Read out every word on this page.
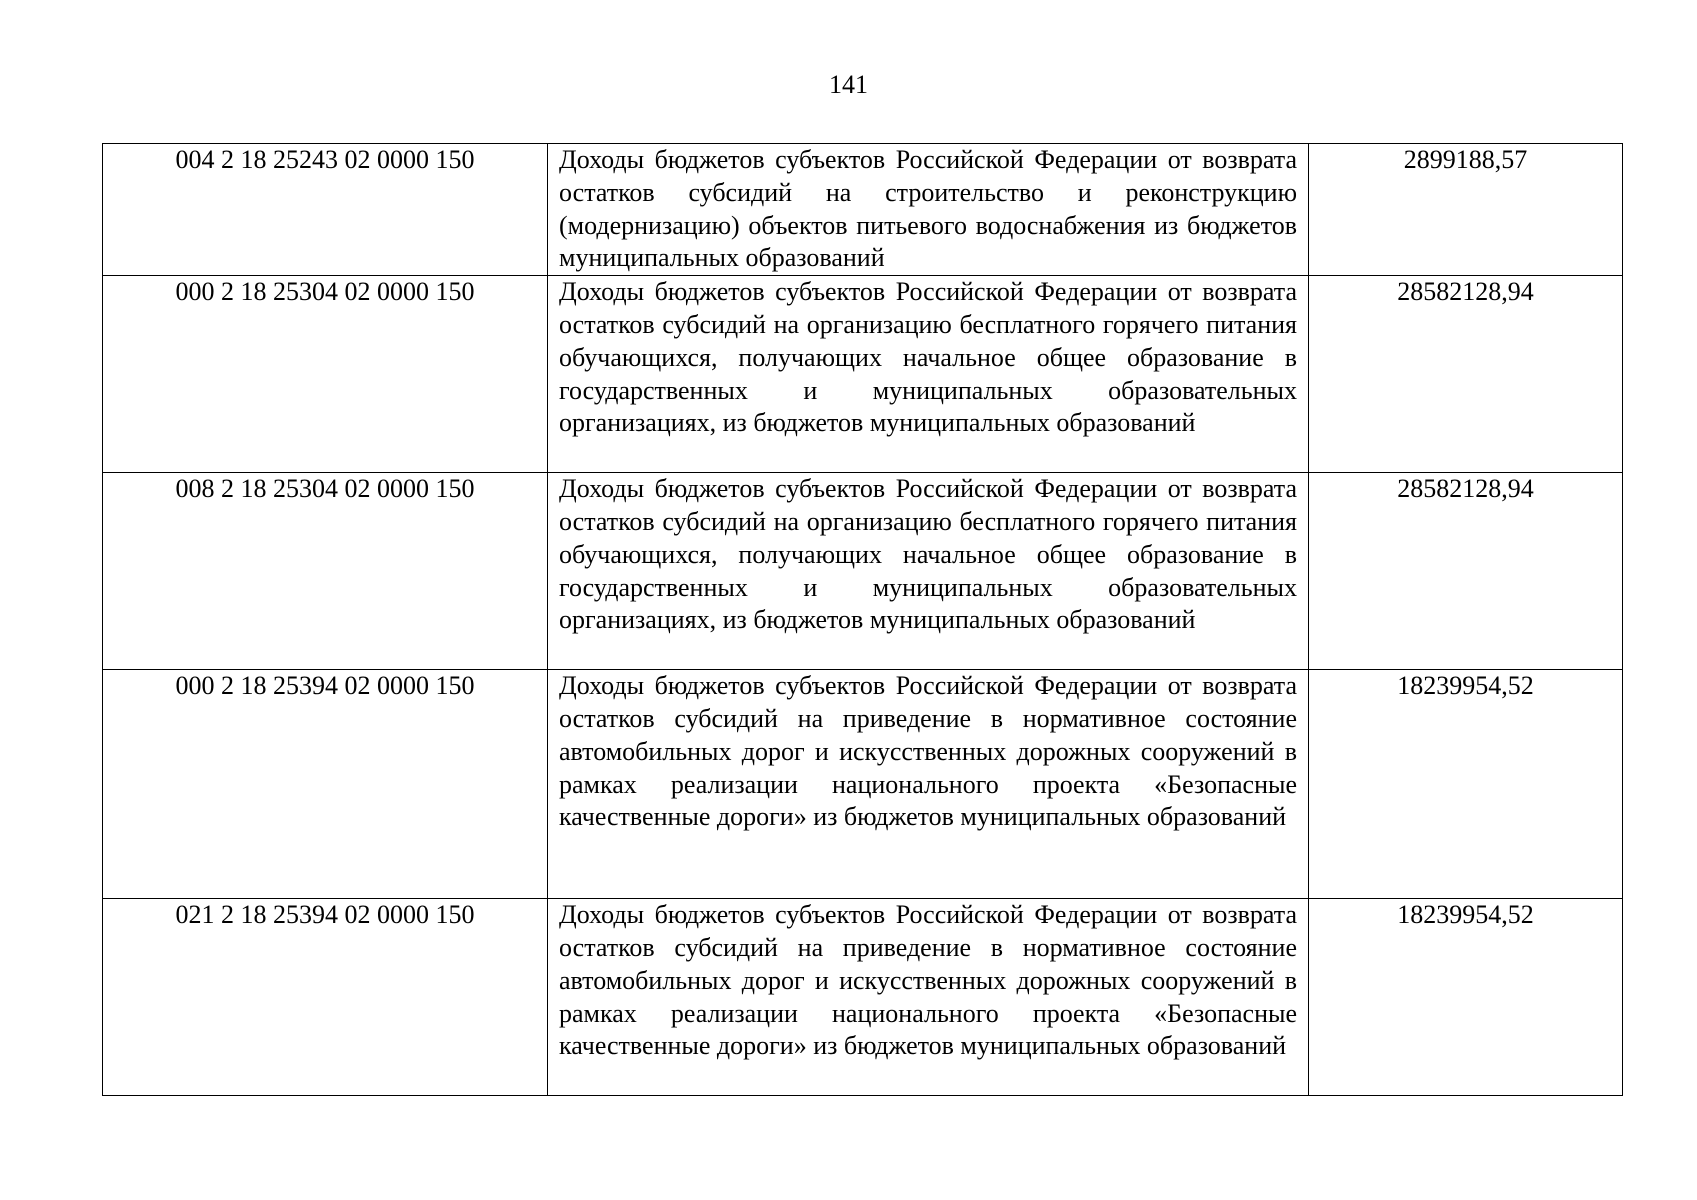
141
004 2 18 25243 02 0000 150	Доходы бюджетов субъектов Российской Федерации от возврата остатков субсидий на строительство и реконструкцию (модернизацию) объектов питьевого водоснабжения из бюджетов муниципальных образований	2899188,57

000 2 18 25304 02 0000 150	Доходы бюджетов субъектов Российской Федерации от возврата остатков субсидий на организацию бесплатного горячего питания обучающихся, получающих начальное общее образование в государственных и муниципальных образовательных организациях, из бюджетов муниципальных образований	28582128,94

008 2 18 25304 02 0000 150	Доходы бюджетов субъектов Российской Федерации от возврата остатков субсидий на организацию бесплатного горячего питания обучающихся, получающих начальное общее образование в государственных и муниципальных образовательных организациях, из бюджетов муниципальных образований	28582128,94

000 2 18 25394 02 0000 150	Доходы бюджетов субъектов Российской Федерации от возврата остатков субсидий на приведение в нормативное состояние автомобильных дорог и искусственных дорожных сооружений в рамках реализации национального проекта «Безопасные качественные дороги» из бюджетов муниципальных образований	18239954,52

021 2 18 25394 02 0000 150	Доходы бюджетов субъектов Российской Федерации от возврата остатков субсидий на приведение в нормативное состояние автомобильных дорог и искусственных дорожных сооружений в рамках реализации национального проекта «Безопасные качественные дороги» из бюджетов муниципальных образований	18239954,52
